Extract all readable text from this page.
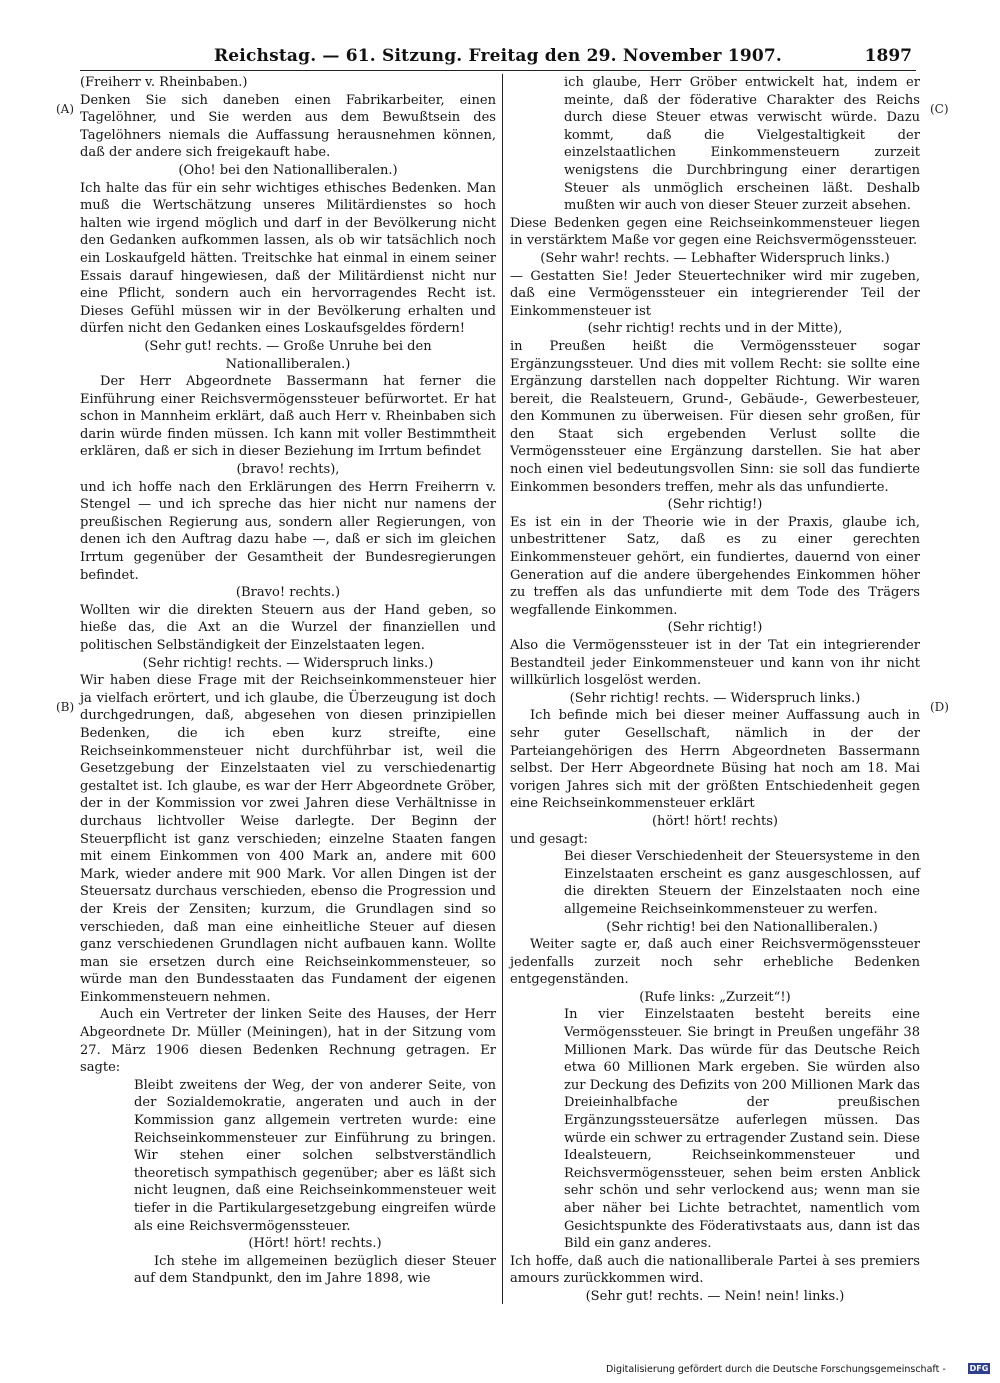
Reichstag. — 61. Sitzung. Freitag den 29. November 1907.	1897
(A)
(B)
(C)
(D)

(Freiherr v. Rheinbaben.)

Denken Sie sich daneben einen Fabrikarbeiter, einen Tagelöhner, und Sie werden aus dem Bewußtsein des Tagelöhners niemals die Auffassung herausnehmen können, daß der andere sich freigekauft habe.

(Oho! bei den Nationalliberalen.)

Ich halte das für ein sehr wichtiges ethisches Bedenken. Man muß die Wertschätzung unseres Militärdienstes so hoch halten wie irgend möglich und darf in der Bevölkerung nicht den Gedanken aufkommen lassen, als ob wir tatsächlich noch ein Loskaufgeld hätten. Treitschke hat einmal in einem seiner Essais darauf hingewiesen, daß der Militärdienst nicht nur eine Pflicht, sondern auch ein hervorragendes Recht ist. Dieses Gefühl müssen wir in der Bevölkerung erhalten und dürfen nicht den Gedanken eines Loskaufsgeldes fördern!

(Sehr gut! rechts. — Große Unruhe bei den Nationalliberalen.)

Der Herr Abgeordnete Bassermann hat ferner die Einführung einer Reichsvermögenssteuer befürwortet. Er hat schon in Mannheim erklärt, daß auch Herr v. Rheinbaben sich darin würde finden müssen. Ich kann mit voller Bestimmtheit erklären, daß er sich in dieser Beziehung im Irrtum befindet

(bravo! rechts),

und ich hoffe nach den Erklärungen des Herrn Freiherrn v. Stengel — und ich spreche das hier nicht nur namens der preußischen Regierung aus, sondern aller Regierungen, von denen ich den Auftrag dazu habe —, daß er sich im gleichen Irrtum gegenüber der Gesamtheit der Bundesregierungen befindet.

(Bravo! rechts.)

Wollten wir die direkten Steuern aus der Hand geben, so hieße das, die Axt an die Wurzel der finanziellen und politischen Selbständigkeit der Einzelstaaten legen.

(Sehr richtig! rechts. — Widerspruch links.)

Wir haben diese Frage mit der Reichseinkommensteuer hier ja vielfach erörtert, und ich glaube, die Überzeugung ist doch durchgedrungen, daß, abgesehen von diesen prinzipiellen Bedenken, die ich eben kurz streifte, eine Reichseinkommensteuer nicht durchführbar ist, weil die Gesetzgebung der Einzelstaaten viel zu verschiedenartig gestaltet ist. Ich glaube, es war der Herr Abgeordnete Gröber, der in der Kommission vor zwei Jahren diese Verhältnisse in durchaus lichtvoller Weise darlegte. Der Beginn der Steuerpflicht ist ganz verschieden; einzelne Staaten fangen mit einem Einkommen von 400 Mark an, andere mit 600 Mark, wieder andere mit 900 Mark. Vor allen Dingen ist der Steuersatz durchaus verschieden, ebenso die Progression und der Kreis der Zensiten; kurzum, die Grundlagen sind so verschieden, daß man eine einheitliche Steuer auf diesen ganz verschiedenen Grundlagen nicht aufbauen kann. Wollte man sie ersetzen durch eine Reichseinkommensteuer, so würde man den Bundesstaaten das Fundament der eigenen Einkommensteuern nehmen.

Auch ein Vertreter der linken Seite des Hauses, der Herr Abgeordnete Dr. Müller (Meiningen), hat in der Sitzung vom 27. März 1906 diesen Bedenken Rechnung getragen. Er sagte:

Bleibt zweitens der Weg, der von anderer Seite, von der Sozialdemokratie, angeraten und auch in der Kommission ganz allgemein vertreten wurde: eine Reichseinkommensteuer zur Einführung zu bringen. Wir stehen einer solchen selbstverständlich theoretisch sympathisch gegenüber; aber es läßt sich nicht leugnen, daß eine Reichseinkommensteuer weit tiefer in die Partikulargesetzgebung eingreifen würde als eine Reichsvermögenssteuer.

(Hört! hört! rechts.)

Ich stehe im allgemeinen bezüglich dieser Steuer auf dem Standpunkt, den im Jahre 1898, wie

ich glaube, Herr Gröber entwickelt hat, indem er meinte, daß der föderative Charakter des Reichs durch diese Steuer etwas verwischt würde. Dazu kommt, daß die Vielgestaltigkeit der einzelstaatlichen Einkommensteuern zurzeit wenigstens die Durchbringung einer derartigen Steuer als unmöglich erscheinen läßt. Deshalb mußten wir auch von dieser Steuer zurzeit absehen.

Diese Bedenken gegen eine Reichseinkommensteuer liegen in verstärktem Maße vor gegen eine Reichsvermögenssteuer.

(Sehr wahr! rechts. — Lebhafter Widerspruch links.)

— Gestatten Sie! Jeder Steuertechniker wird mir zugeben, daß eine Vermögenssteuer ein integrierender Teil der Einkommensteuer ist

(sehr richtig! rechts und in der Mitte),

in Preußen heißt die Vermögenssteuer sogar Ergänzungssteuer. Und dies mit vollem Recht: sie sollte eine Ergänzung darstellen nach doppelter Richtung. Wir waren bereit, die Realsteuern, Grund-, Gebäude-, Gewerbesteuer, den Kommunen zu überweisen. Für diesen sehr großen, für den Staat sich ergebenden Verlust sollte die Vermögenssteuer eine Ergänzung darstellen. Sie hat aber noch einen viel bedeutungsvollen Sinn: sie soll das fundierte Einkommen besonders treffen, mehr als das unfundierte.

(Sehr richtig!)

Es ist ein in der Theorie wie in der Praxis, glaube ich, unbestrittener Satz, daß es zu einer gerechten Einkommensteuer gehört, ein fundiertes, dauernd von einer Generation auf die andere übergehendes Einkommen höher zu treffen als das unfundierte mit dem Tode des Trägers wegfallende Einkommen.

(Sehr richtig!)

Also die Vermögenssteuer ist in der Tat ein integrierender Bestandteil jeder Einkommensteuer und kann von ihr nicht willkürlich losgelöst werden.

(Sehr richtig! rechts. — Widerspruch links.)

Ich befinde mich bei dieser meiner Auffassung auch in sehr guter Gesellschaft, nämlich in der der Parteiangehörigen des Herrn Abgeordneten Bassermann selbst. Der Herr Abgeordnete Büsing hat noch am 18. Mai vorigen Jahres sich mit der größten Entschiedenheit gegen eine Reichseinkommensteuer erklärt

(hört! hört! rechts)

und gesagt:

Bei dieser Verschiedenheit der Steuersysteme in den Einzelstaaten erscheint es ganz ausgeschlossen, auf die direkten Steuern der Einzelstaaten noch eine allgemeine Reichseinkommensteuer zu werfen.

(Sehr richtig! bei den Nationalliberalen.)

Weiter sagte er, daß auch einer Reichsvermögenssteuer jedenfalls zurzeit noch sehr erhebliche Bedenken entgegenständen.

(Rufe links: „Zurzeit“!)

In vier Einzelstaaten besteht bereits eine Vermögenssteuer. Sie bringt in Preußen ungefähr 38 Millionen Mark. Das würde für das Deutsche Reich etwa 60 Millionen Mark ergeben. Sie würden also zur Deckung des Defizits von 200 Millionen Mark das Dreieinhalbfache der preußischen Ergänzungssteuersätze auferlegen müssen. Das würde ein schwer zu ertragender Zustand sein. Diese Idealsteuern, Reichseinkommensteuer und Reichsvermögenssteuer, sehen beim ersten Anblick sehr schön und sehr verlockend aus; wenn man sie aber näher bei Lichte betrachtet, namentlich vom Gesichtspunkte des Föderativstaats aus, dann ist das Bild ein ganz anderes.

Ich hoffe, daß auch die nationalliberale Partei à ses premiers amours zurückkommen wird.

(Sehr gut! rechts. — Nein! nein! links.)

Digitalisierung gefördert durch die Deutsche Forschungsgemeinschaft -	DFG
